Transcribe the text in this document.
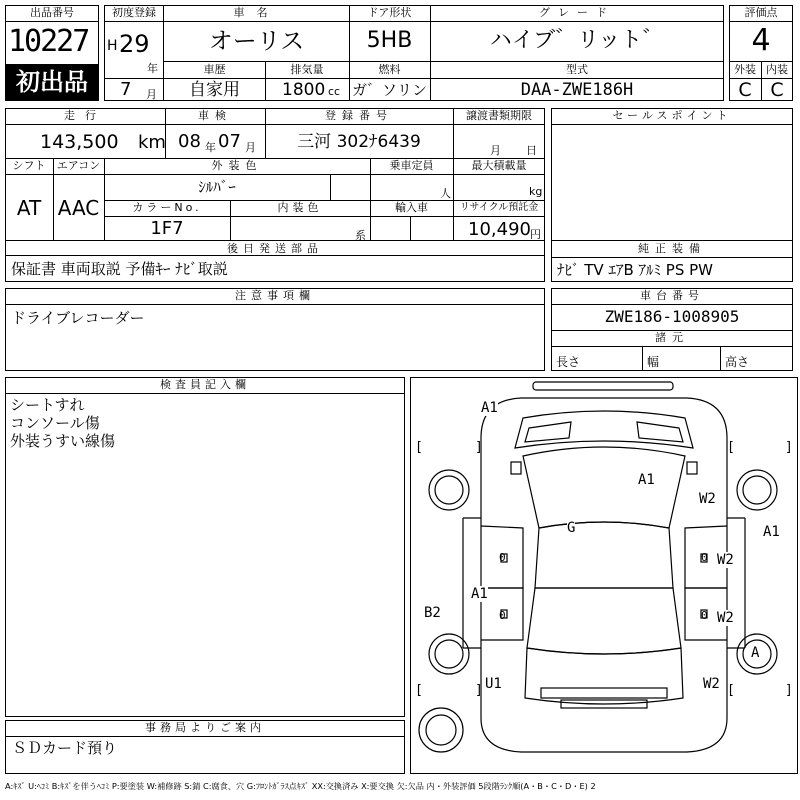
出品番号
10227
初出品
初度登録
H 29
年
7 月
車名
オーリス
ドア形状
5HB
グレード
ハイブ゛リット゛
車歴
自家用
排気量
1800 cc
燃料
ガ゛ソリン
型式
DAA-ZWE186H
評価点
4
外装 内装
C C
走行
143,500 km
車検
08 年 07 月
登録番号
三河 302ﾅ6439
譲渡書類期限
月 日
シフト
AT
エアコン
AAC
外装色
ｼﾙﾊﾞｰ
乗車定員
人
最大積載量
kg
カラーNo.
1F7
内装色
系
輸入車	リサイクル預託金
10,490 円
後日発送部品
保証書 車両取説 予備ｷｰ ﾅﾋﾞ取説
セールスポイント
純正装備
ﾅﾋﾞ TV ｴｱB ｱﾙﾐ PS PW
注意事項欄
ドライブレコーダー
車台番号
ZWE186-1008905
諸元
長さ	幅	高さ
検査員記入欄
シートすれ
コンソール傷
外装うすい線傷
事務局よりご案内
ＳＤカード預り
A1
A1
G
W2
A1
W2
A1
W2
B2
A
U1	W2
0	0
0	0
[	]	[	]
[	]	[	]
A:ｷｽﾞ U:ﾍｺﾐ B:ｷｽﾞを伴うﾍｺﾐ P:要塗装 W:補修跡 S:錆 C:腐食、穴 G:ﾌﾛﾝﾄｶﾞﾗｽ点ｷｽﾞ XX:交換済み X:要交換 欠:欠品 内・外装評価 5段階ﾗﾝｸ順(A・B・C・D・E) 2
